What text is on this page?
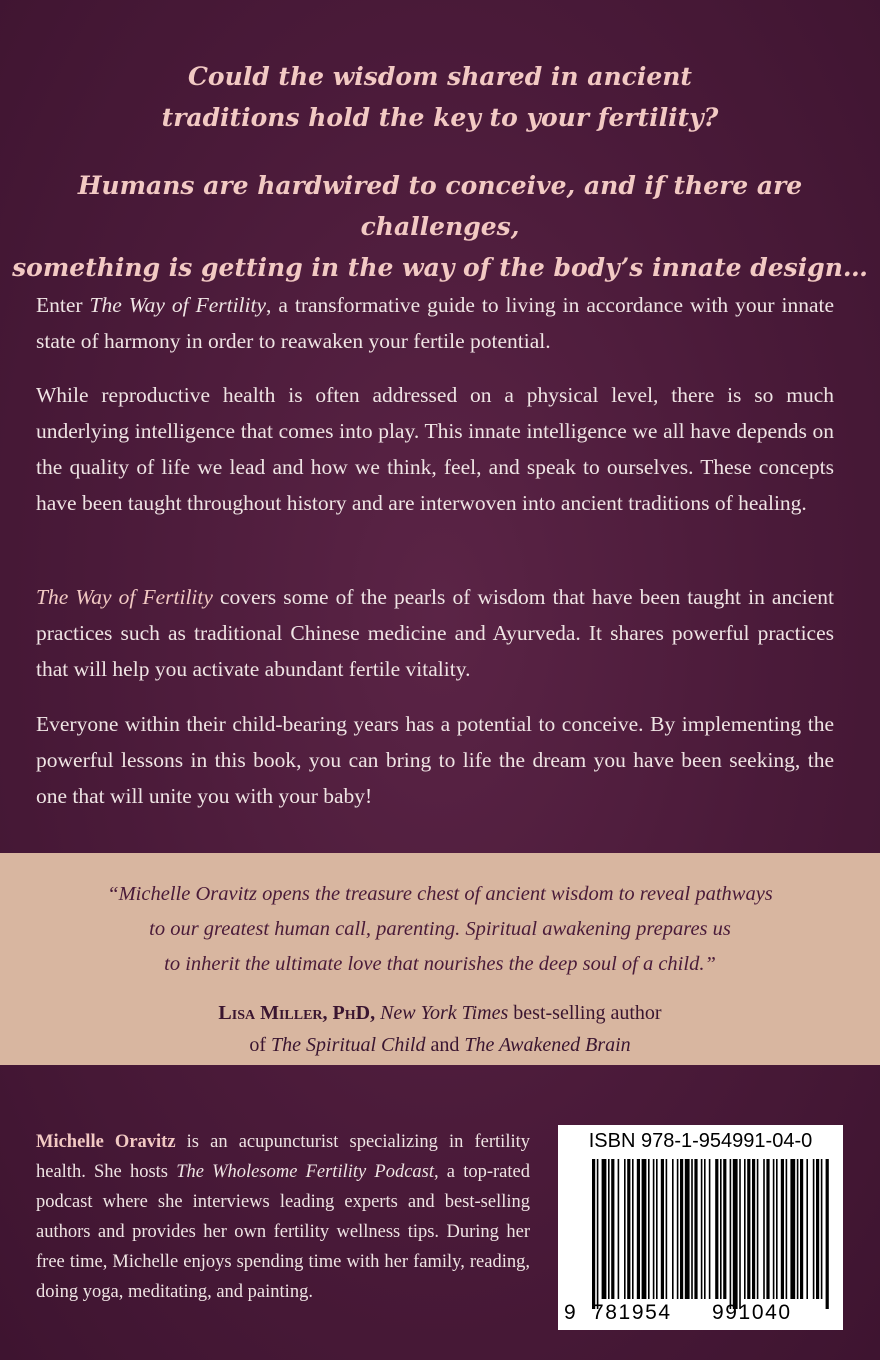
Could the wisdom shared in ancient
traditions hold the key to your fertility?
Humans are hardwired to conceive, and if there are challenges,
something is getting in the way of the body’s innate design…

Enter The Way of Fertility, a transformative guide to living in accordance with your innate state of harmony in order to reawaken your fertile potential.

While reproductive health is often addressed on a physical level, there is so much underlying intelligence that comes into play. This innate intelligence we all have depends on the quality of life we lead and how we think, feel, and speak to ourselves. These concepts have been taught throughout history and are interwoven into ancient traditions of healing.

The Way of Fertility covers some of the pearls of wisdom that have been taught in ancient practices such as traditional Chinese medicine and Ayurveda. It shares powerful practices that will help you activate abundant fertile vitality.

Everyone within their child-bearing years has a potential to conceive. By implementing the powerful lessons in this book, you can bring to life the dream you have been seeking, the one that will unite you with your baby!

“Michelle Oravitz opens the treasure chest of ancient wisdom to reveal pathways
to our greatest human call, parenting. Spiritual awakening prepares us
to inherit the ultimate love that nourishes the deep soul of a child.”
Lisa Miller, PhD, New York Times best-selling author
of The Spiritual Child and The Awakened Brain

Michelle Oravitz is an acupuncturist specializing in fertility health. She hosts The Wholesome Fertility Podcast, a top-rated podcast where she interviews leading experts and best-selling authors and provides her own fertility wellness tips. During her free time, Michelle enjoys spending time with her family, reading, doing yoga, meditating, and painting.

ISBN 978-1-954991-04-0
9 781954 991040
